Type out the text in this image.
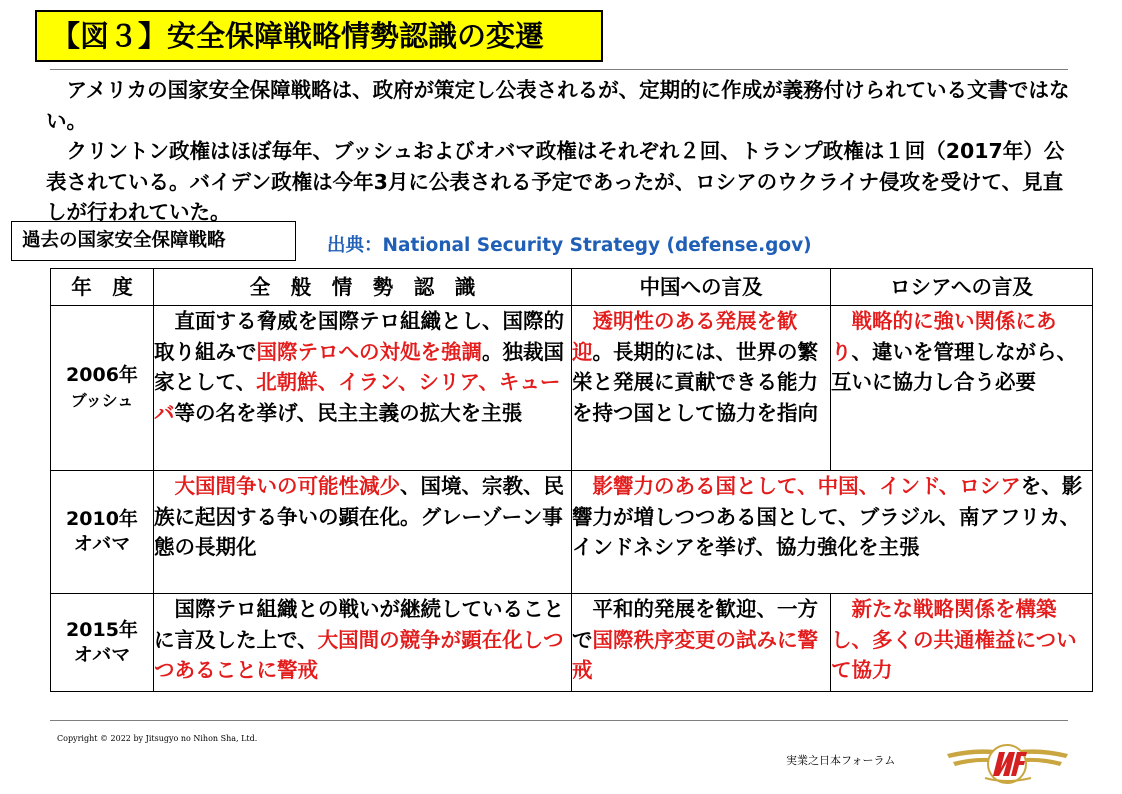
【図３】安全保障戦略情勢認識の変遷

アメリカの国家安全保障戦略は、政府が策定し公表されるが、定期的に作成が義務付けられている文書ではない。

クリントン政権はほぼ毎年、ブッシュおよびオバマ政権はそれぞれ２回、トランプ政権は１回（2017年）公表されている。バイデン政権は今年3月に公表される予定であったが、ロシアのウクライナ侵攻を受けて、見直しが行われていた。

過去の国家安全保障戦略	出典：National Security Strategy (defense.gov)
年　度	全　般　情　勢　認　識	中国への言及	ロシアへの言及

2006年
ブッシュ	直面する脅威を国際テロ組織とし、国際的取り組みで国際テロへの対処を強調。独裁国家として、北朝鮮、イラン、シリア、キューバ等の名を挙げ、民主主義の拡大を主張	透明性のある発展を歓迎。長期的には、世界の繁栄と発展に貢献できる能力を持つ国として協力を指向	戦略的に強い関係にあり、違いを管理しながら、互いに協力し合う必要

2010年
オバマ	大国間争いの可能性減少、国境、宗教、民族に起因する争いの顕在化。グレーゾーン事態の長期化	影響力のある国として、中国、インド、ロシアを、影響力が増しつつある国として、ブラジル、南アフリカ、インドネシアを挙げ、協力強化を主張	

2015年
オバマ	国際テロ組織との戦いが継続していることに言及した上で、大国間の競争が顕在化しつつあることに警戒	平和的発展を歓迎、一方で国際秩序変更の試みに警戒	新たな戦略関係を構築し、多くの共通権益について協力
Copyright © 2022 by Jitsugyo no Nihon Sha, Ltd.
実業之日本フォーラム
